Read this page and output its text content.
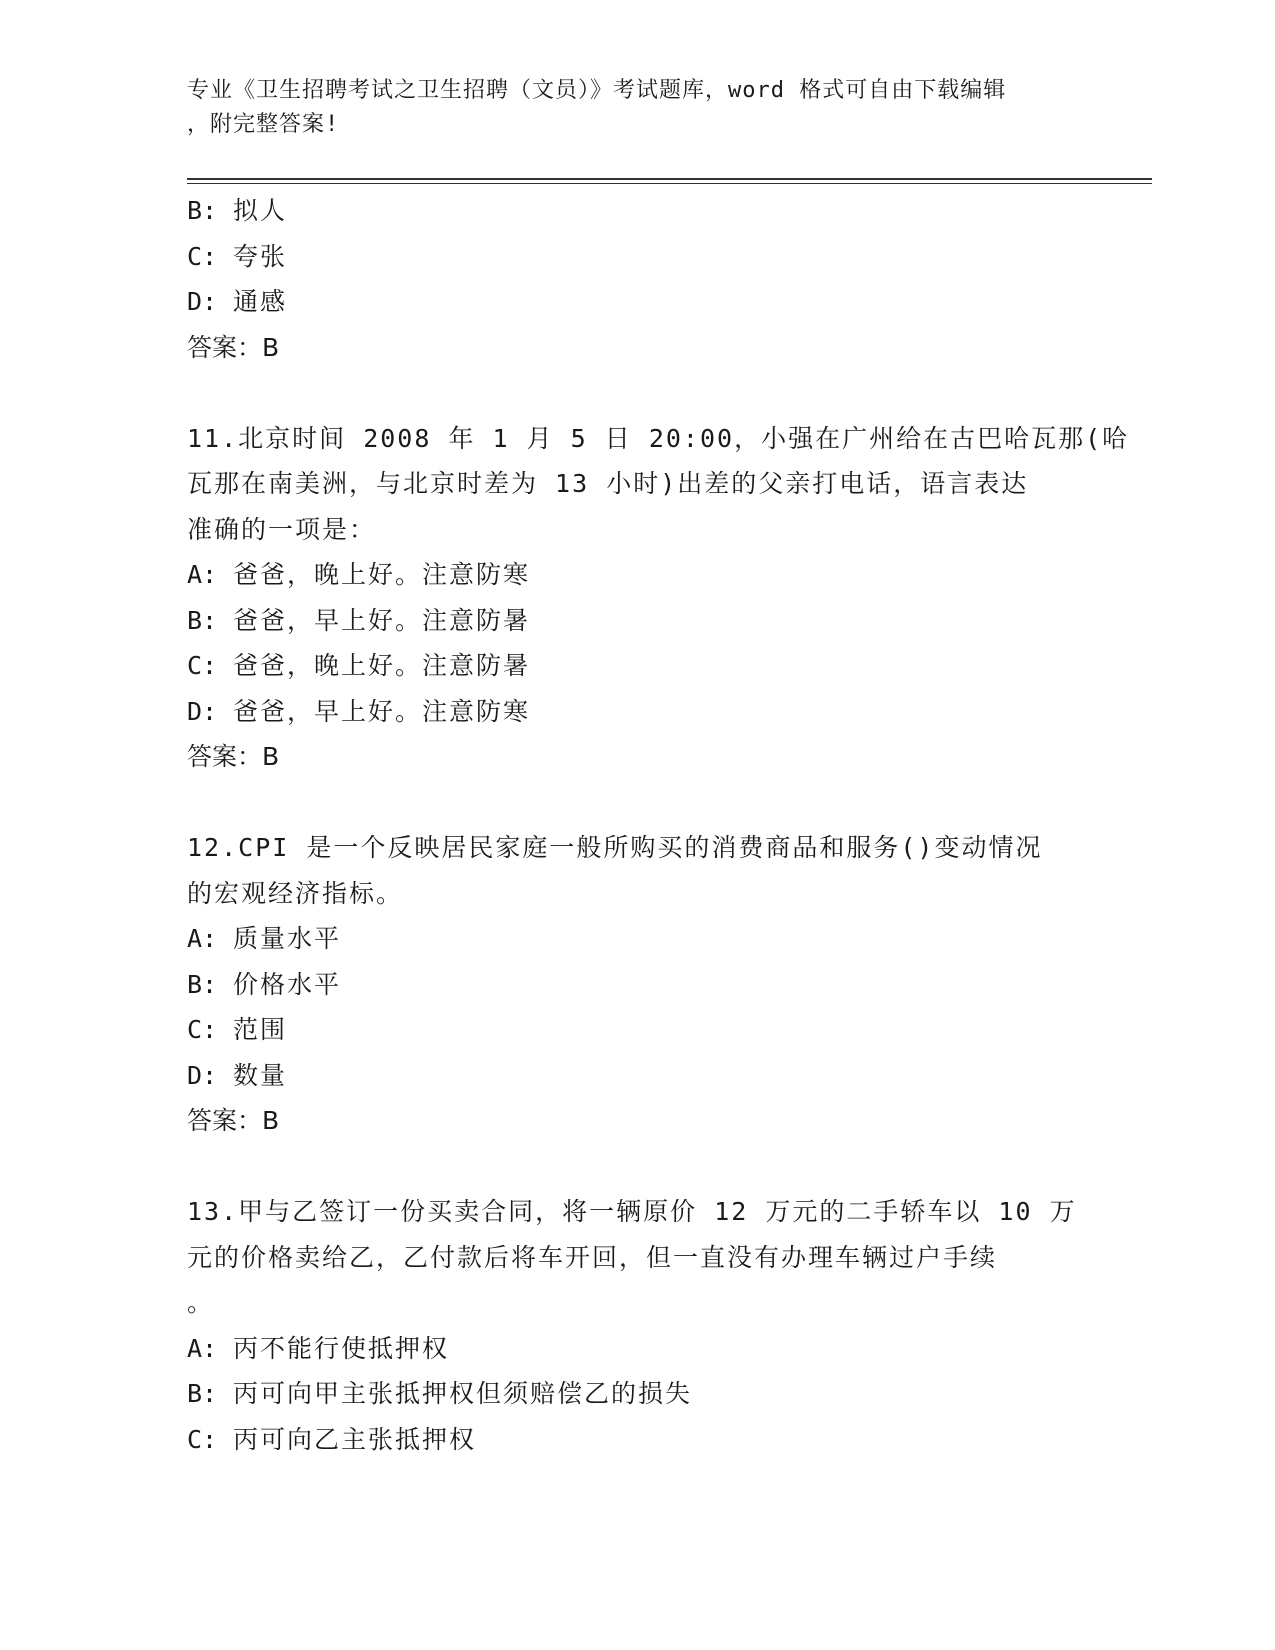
专业《卫生招聘考试之卫生招聘（文员）》考试题库，word 格式可自由下载编辑
，附完整答案!
B: 拟人
C: 夸张
D: 通感
答案：B
11.北京时间 2008 年 1 月 5 日 20:00，小强在广州给在古巴哈瓦那(哈
瓦那在南美洲，与北京时差为 13 小时)出差的父亲打电话，语言表达
准确的一项是：
A: 爸爸，晚上好。注意防寒
B: 爸爸，早上好。注意防暑
C: 爸爸，晚上好。注意防暑
D: 爸爸，早上好。注意防寒
答案：B
12.CPI 是一个反映居民家庭一般所购买的消费商品和服务()变动情况
的宏观经济指标。
A: 质量水平
B: 价格水平
C: 范围
D: 数量
答案：B
13.甲与乙签订一份买卖合同，将一辆原价 12 万元的二手轿车以 10 万
元的价格卖给乙，乙付款后将车开回，但一直没有办理车辆过户手续
。
A: 丙不能行使抵押权
B: 丙可向甲主张抵押权但须赔偿乙的损失
C: 丙可向乙主张抵押权
